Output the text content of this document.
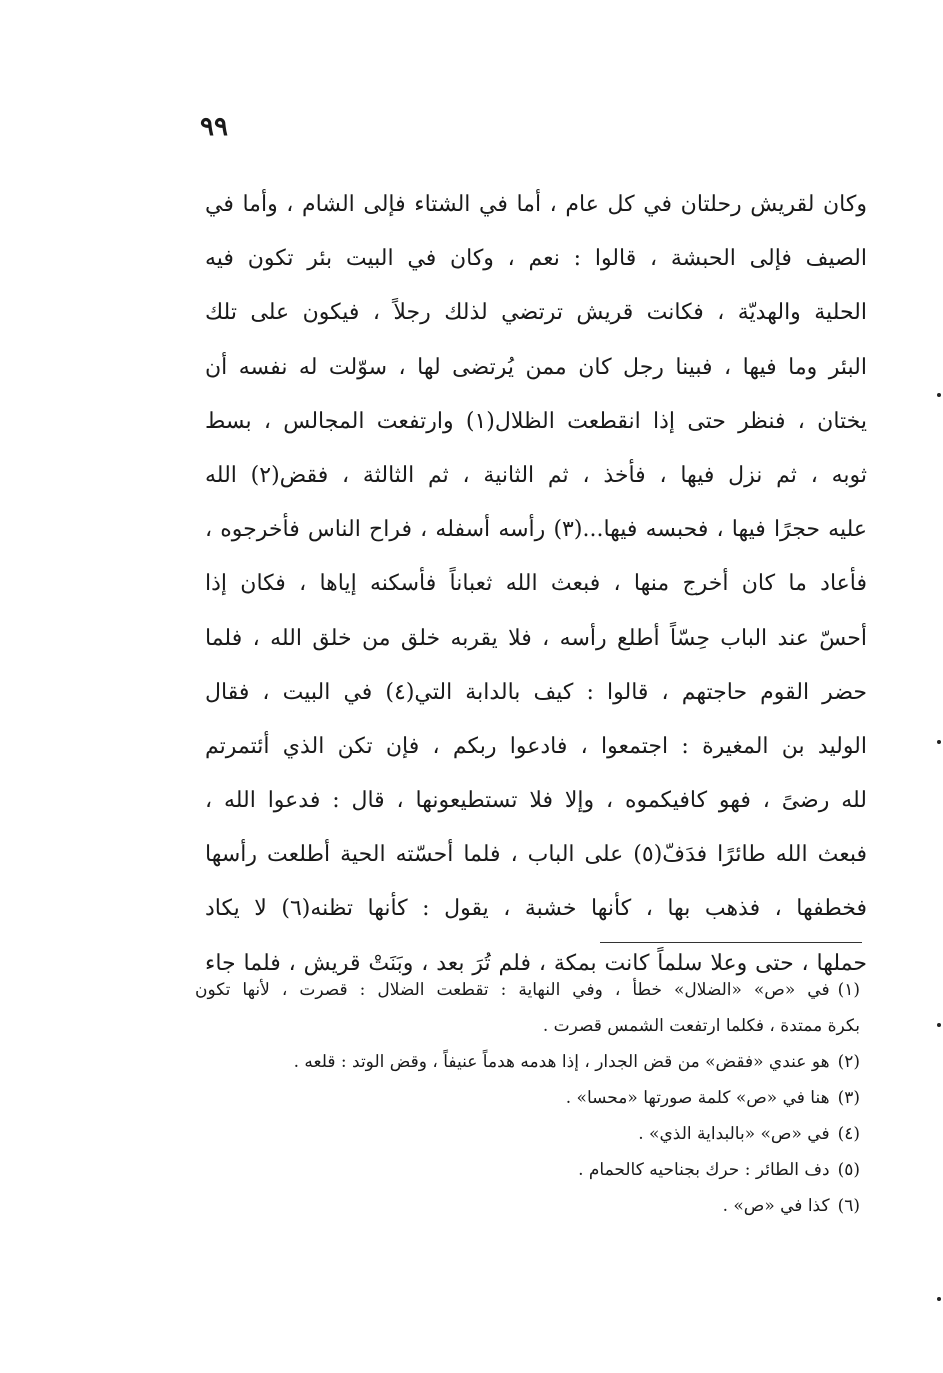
٩٩
وكان لقريش رحلتان في كل عام ، أما في الشتاء فإلى الشام ، وأما في
الصيف فإلى الحبشة ، قالوا : نعم ، وكان في البيت بئر تكون فيه
الحلية والهديّة ، فكانت قريش ترتضي لذلك رجلاً ، فيكون على تلك
البئر وما فيها ، فبينا رجل كان ممن يُرتضى لها ، سوّلت له نفسه أن
يختان ، فنظر حتى إذا انقطعت الظلال(١) وارتفعت المجالس ، بسط
ثوبه ، ثم نزل فيها ، فأخذ ، ثم الثانية ، ثم الثالثة ، فقض(٢) الله
عليه حجرًا فيها ، فحبسه فيها...(٣) رأسه أسفله ، فراح الناس فأخرجوه ،
فأعاد ما كان أخرج منها ، فبعث الله ثعباناً فأسكنه إياها ، فكان إذا
أحسّ عند الباب حِسّاً أطلع رأسه ، فلا يقربه خلق من خلق الله ، فلما
حضر القوم حاجتهم ، قالوا : كيف بالدابة التي(٤) في البيت ، فقال
الوليد بن المغيرة : اجتمعوا ، فادعوا ربكم ، فإن تكن الذي أئتمرتم
لله رضىً ، فهو كافيكموه ، وإلا فلا تستطيعونها ، قال : فدعوا الله ،
فبعث الله طائرًا فدَفّ(٥) على الباب ، فلما أحسّته الحية أطلعت رأسها
فخطفها ، فذهب بها ، كأنها خشبة ، يقول : كأنها تظنه(٦) لا يكاد
حملها ، حتى وعلا سلماً كانت بمكة ، فلم تُرَ بعد ، وبَنَتْ قريش ، فلما جاء
(١)في «ص» «الضلال» خطأ ، وفي النهاية : تقطعت الضلال : قصرت ، لأنها تكون
بكرة ممتدة ، فكلما ارتفعت الشمس قصرت .
(٢)هو عندي «فقض» من قض الجدار ، إذا هدمه هدماً عنيفاً ، وقض الوتد : قلعه .
(٣)هنا في «ص» كلمة صورتها «محسا» .
(٤)في «ص» «بالبداية الذي» .
(٥)دف الطائر : حرك بجناحيه كالحمام .
(٦)كذا في «ص» .
